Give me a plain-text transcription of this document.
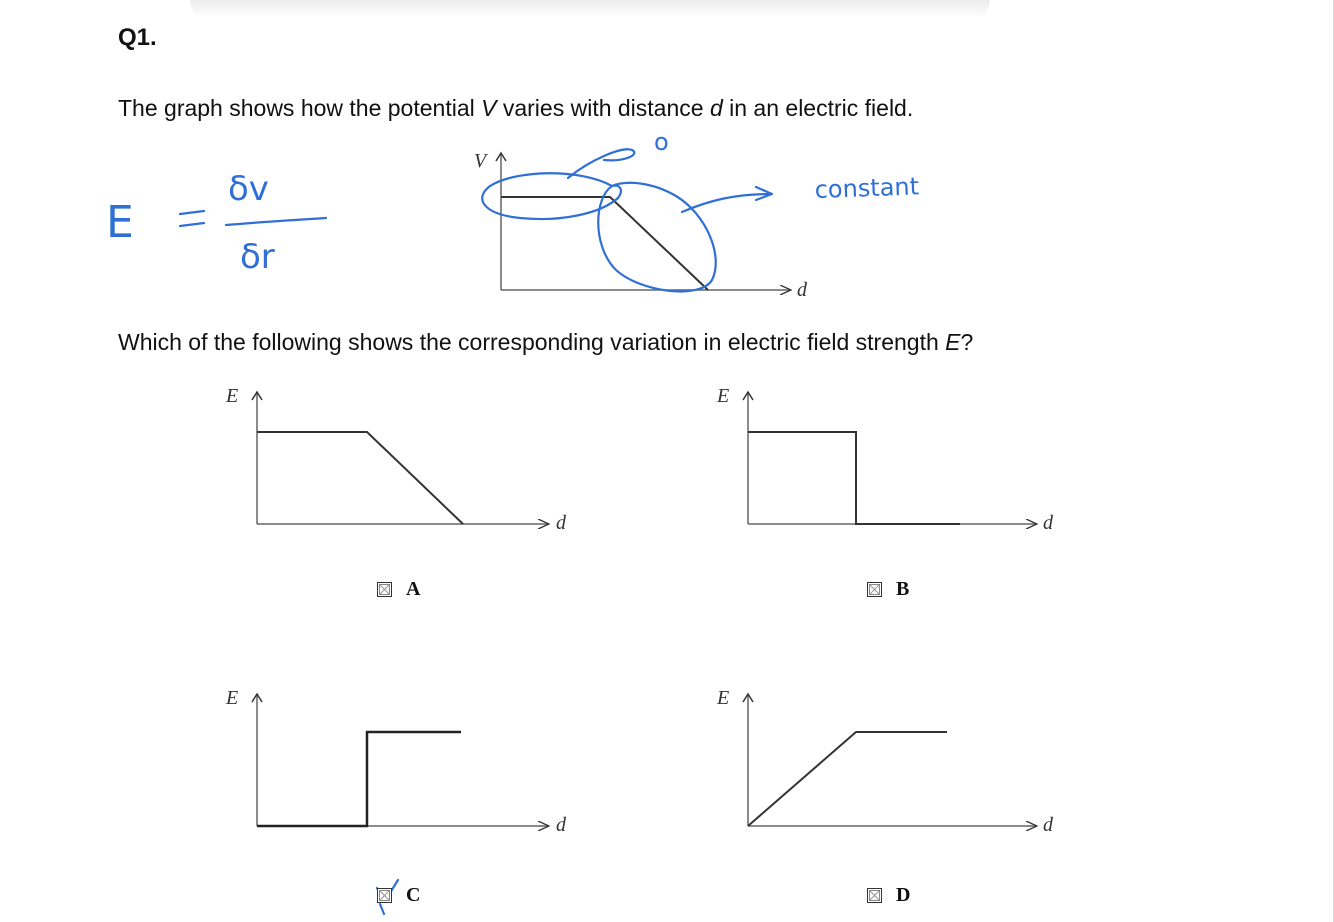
Q1.
The graph shows how the potential V varies with distance d in an electric field.
Which of the following shows the corresponding variation in electric field strength E?
V
d
E
d
E
d
E
d
E
d
E
δv
δr
o
constant
A	B
C	D
